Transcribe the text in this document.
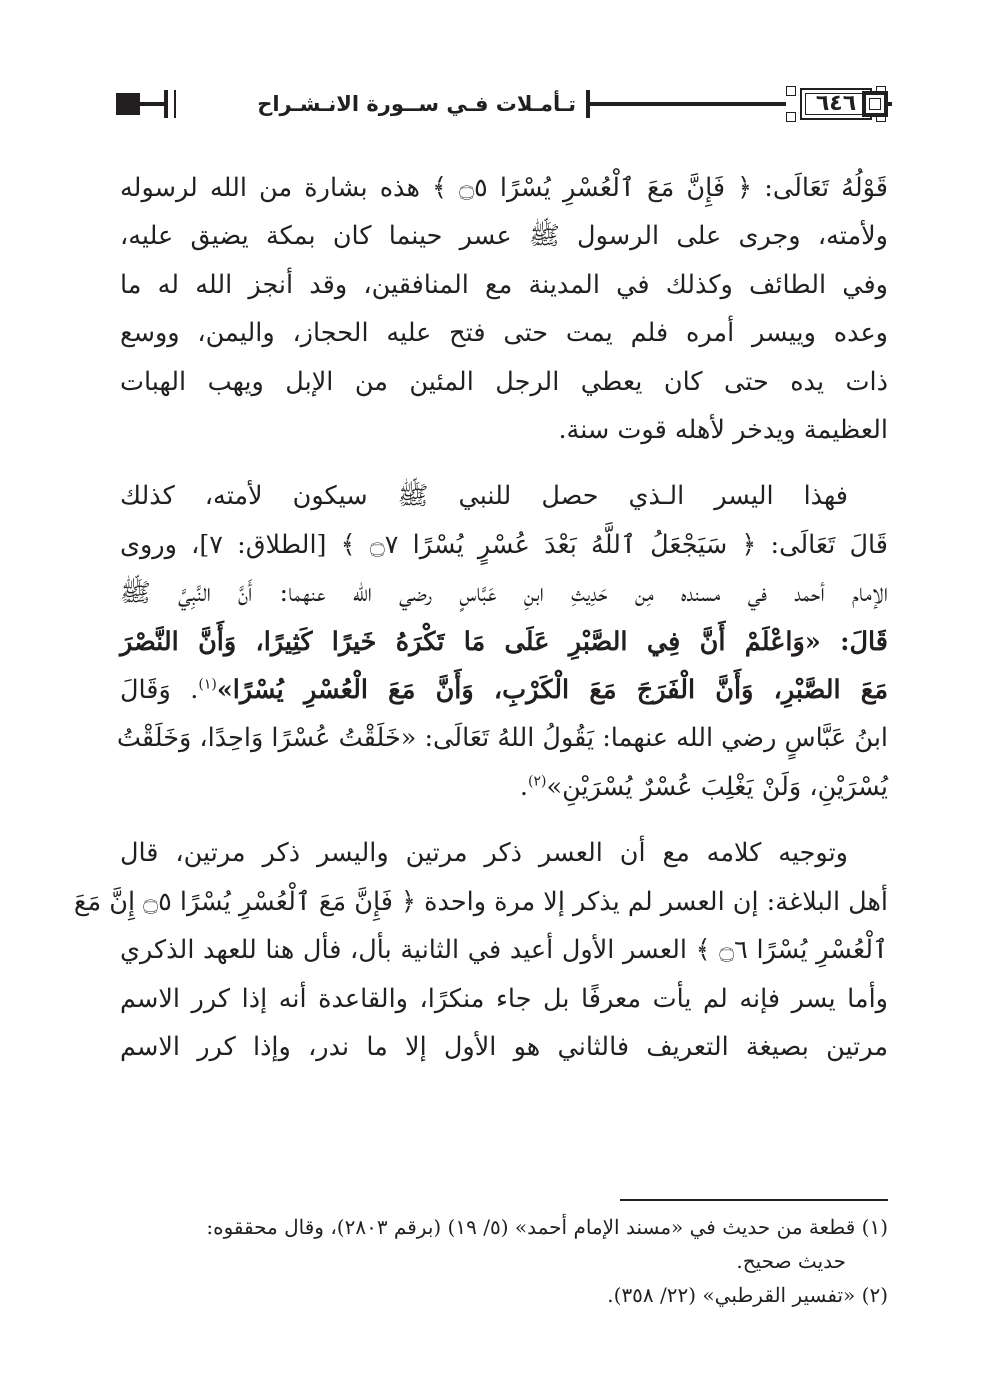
تـأمـلات فـي ســورة الانـشـراح	٦٤٦

قَوْلُهُ تَعَالَى: ﴿ فَإِنَّ مَعَ ٱلْعُسْرِ يُسْرًا ۝٥ ﴾ هذه بشارة من الله لرسوله
ولأمته، وجرى على الرسول ﷺ عسر حينما كان بمكة يضيق عليه،
وفي الطائف وكذلك في المدينة مع المنافقين، وقد أنجز الله له ما
وعده وييسر أمره فلم يمت حتى فتح عليه الحجاز، واليمن، ووسع
ذات يده حتى كان يعطي الرجل المئين من الإبل ويهب الهبات
العظيمة ويدخر لأهله قوت سنة.

فهذا اليسر الـذي حصل للنبي ﷺ سيكون لأمته، كذلك
قَالَ تَعَالَى: ﴿ سَيَجْعَلُ ٱللَّهُ بَعْدَ عُسْرٍ يُسْرًا ۝٧ ﴾ [الطلاق: ٧]، وروى
الإمام أحمد في مسنده مِن حَدِيثِ ابنِ عَبَّاسٍ رضي الله عنهما: أَنَّ النَّبِيَّ ﷺ
قَالَ: «وَاعْلَمْ أَنَّ فِي الصَّبْرِ عَلَى مَا تَكْرَهُ خَيرًا كَثِيرًا، وَأَنَّ النَّصْرَ
مَعَ الصَّبْرِ، وَأَنَّ الْفَرَجَ مَعَ الْكَرْبِ، وَأَنَّ مَعَ الْعُسْرِ يُسْرًا»$^{(١)}$. وَقَالَ
ابنُ عَبَّاسٍ رضي الله عنهما: يَقُولُ اللهُ تَعَالَى: «خَلَقْتُ عُسْرًا وَاحِدًا، وَخَلَقْتُ
يُسْرَيْنِ، وَلَنْ يَغْلِبَ عُسْرٌ يُسْرَيْنِ»$^{(٢)}$.

وتوجيه كلامه مع أن العسر ذكر مرتين واليسر ذكر مرتين، قال
أهل البلاغة: إن العسر لم يذكر إلا مرة واحدة ﴿ فَإِنَّ مَعَ ٱلْعُسْرِ يُسْرًا ۝٥ إِنَّ مَعَ
ٱلْعُسْرِ يُسْرًا ۝٦ ﴾ العسر الأول أعيد في الثانية بأل، فأل هنا للعهد الذكري
وأما يسر فإنه لم يأت معرفًا بل جاء منكرًا، والقاعدة أنه إذا كرر الاسم
مرتين بصيغة التعريف فالثاني هو الأول إلا ما ندر، وإذا كرر الاسم

(١) قطعة من حديث في «مسند الإمام أحمد» (٥/ ١٩) (برقم ٢٨٠٣)، وقال محققوه:
حديث صحيح.

(٢) «تفسير القرطبي» (٢٢/ ٣٥٨).
